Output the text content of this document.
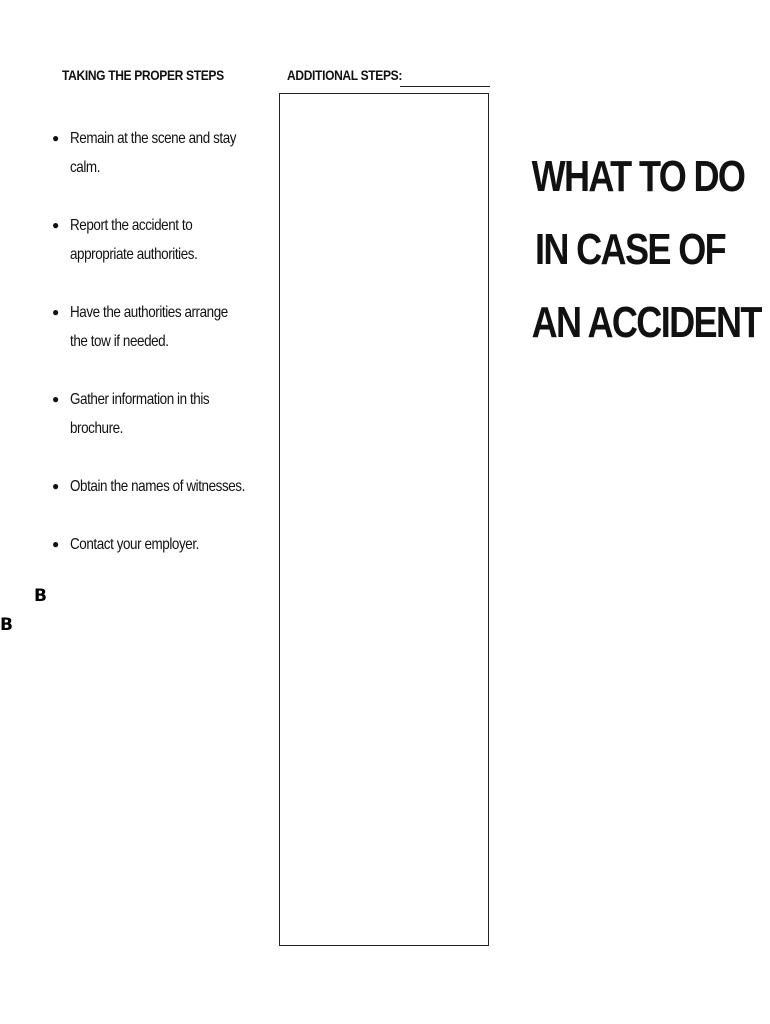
TAKING THE PROPER STEPS
● Remain at the scene and stay calm.
● Report the accident to appropriate authorities.
● Have the authorities arrange the tow if needed.
● Gather information in this brochure.
● Obtain the names of witnesses.
● Contact your employer.
B
B
ADDITIONAL STEPS:
WHAT TO DO
IN CASE OF
AN ACCIDENT
